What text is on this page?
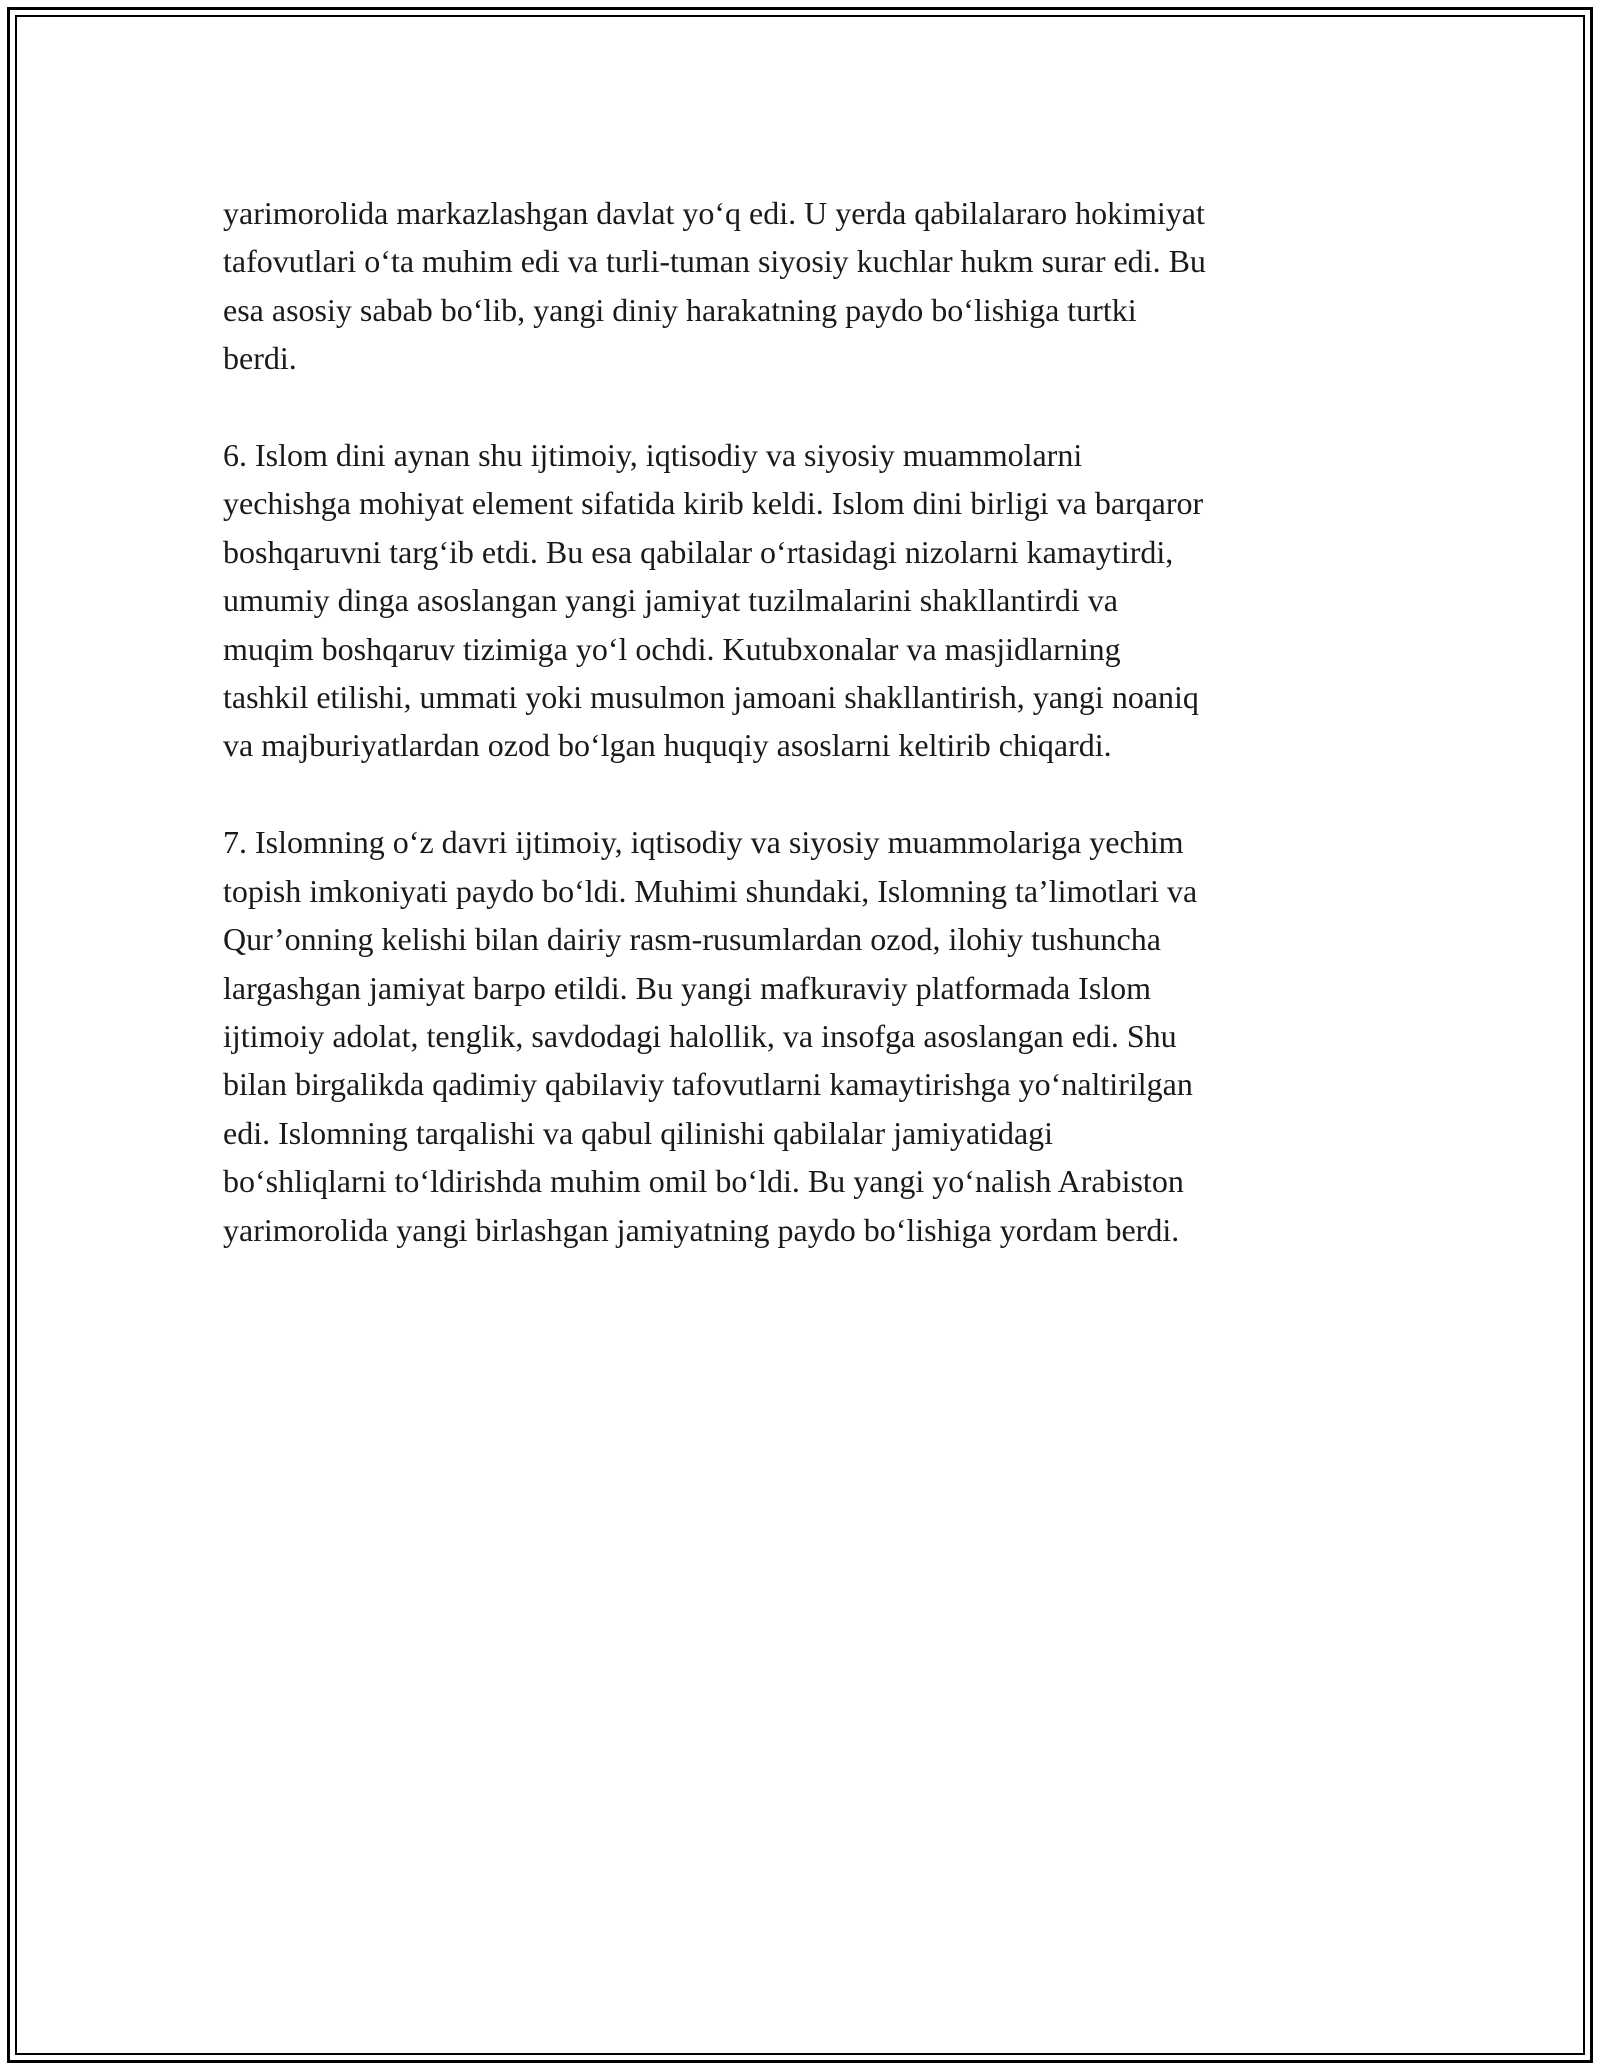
yarimorolida markazlashgan davlat yo‘q edi. U yerda qabilalararo hokimiyat
tafovutlari o‘ta muhim edi va turli-tuman siyosiy kuchlar hukm surar edi. Bu
esa asosiy sabab bo‘lib, yangi diniy harakatning paydo bo‘lishiga turtki
berdi.

6. Islom dini aynan shu ijtimoiy, iqtisodiy va siyosiy muammolarni
yechishga mohiyat element sifatida kirib keldi. Islom dini birligi va barqaror
boshqaruvni targ‘ib etdi. Bu esa qabilalar o‘rtasidagi nizolarni kamaytirdi,
umumiy dinga asoslangan yangi jamiyat tuzilmalarini shakllantirdi va
muqim boshqaruv tizimiga yo‘l ochdi. Kutubxonalar va masjidlarning
tashkil etilishi, ummati yoki musulmon jamoani shakllantirish, yangi noaniq
va majburiyatlardan ozod bo‘lgan huquqiy asoslarni keltirib chiqardi.

7. Islomning o‘z davri ijtimoiy, iqtisodiy va siyosiy muammolariga yechim
topish imkoniyati paydo bo‘ldi. Muhimi shundaki, Islomning ta’limotlari va
Qur’onning kelishi bilan dairiy rasm-rusumlardan ozod, ilohiy tushuncha
largashgan jamiyat barpo etildi. Bu yangi mafkuraviy platformada Islom
ijtimoiy adolat, tenglik, savdodagi halollik, va insofga asoslangan edi. Shu
bilan birgalikda qadimiy qabilaviy tafovutlarni kamaytirishga yo‘naltirilgan
edi. Islomning tarqalishi va qabul qilinishi qabilalar jamiyatidagi
bo‘shliqlarni to‘ldirishda muhim omil bo‘ldi. Bu yangi yo‘nalish Arabiston
yarimorolida yangi birlashgan jamiyatning paydo bo‘lishiga yordam berdi.
